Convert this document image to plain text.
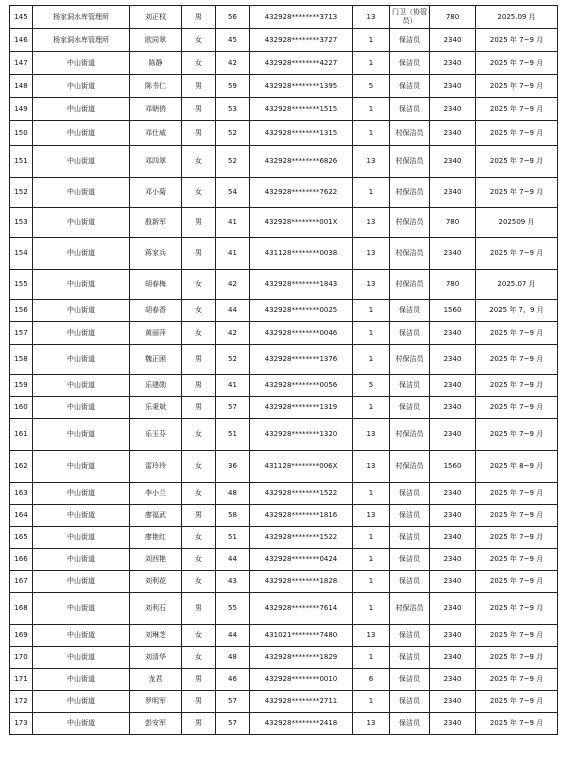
145	杨家洞水库管理所	刘正权	男	56	432928********3713	13	门卫（协管员）	780	2025.09 月
146	杨家洞水库管理所	欧同翠	女	45	432928********3727	1	保洁员	2340	2025 年 7~9 月
147	中山街道	陈静	女	42	432928********4227	1	保洁员	2340	2025 年 7~9 月
148	中山街道	陈书仁	男	59	432928********1395	5	保洁员	2340	2025 年 7~9 月
149	中山街道	邓朝俏	男	53	432928********1515	1	保洁员	2340	2025 年 7~9 月
150	中山街道	邓仕威	男	52	432928********1315	1	村保洁员	2340	2025 年 7~9 月
151	中山街道	邓四翠	女	52	432928********6826	13	村保洁员	2340	2025 年 7~9 月
152	中山街道	邓小菊	女	54	432928********7622	1	村保洁员	2340	2025 年 7~9 月
153	中山街道	殷新军	男	41	432928********001X	13	村保洁员	780	202509 月
154	中山街道	蒋家兵	男	41	431128********0038	13	村保洁员	2340	2025 年 7~9 月
155	中山街道	胡春梅	女	42	432928********1843	13	村保洁员	780	2025.07 月
156	中山街道	胡春香	女	44	432928********0025	1	保洁员	1560	2025 年 7、9 月
157	中山街道	黄丽萍	女	42	432928********0046	1	保洁员	2340	2025 年 7~9 月
158	中山街道	魏正困	男	52	432928********1376	1	村保洁员	2340	2025 年 7~9 月
159	中山街道	乐建勋	男	41	432928********0056	5	保洁员	2340	2025 年 7~9 月
160	中山街道	乐秉斌	男	57	432928********1319	1	保洁员	2340	2025 年 7~9 月
161	中山街道	乐玉芬	女	51	432928********1320	13	村保洁员	2340	2025 年 7~9 月
162	中山街道	雷玲玲	女	36	431128********006X	13	村保洁员	1560	2025 年 8~9 月
163	中山街道	李小兰	女	48	432928********1522	1	保洁员	2340	2025 年 7~9 月
164	中山街道	廖福武	男	58	432928********1816	13	保洁员	2340	2025 年 7~9 月
165	中山街道	廖艳红	女	51	432928********1522	1	保洁员	2340	2025 年 7~9 月
166	中山街道	刘西艳	女	44	432928********0424	1	保洁员	2340	2025 年 7~9 月
167	中山街道	刘利花	女	43	432928********1828	1	保洁员	2340	2025 年 7~9 月
168	中山街道	刘利石	男	55	432928********7614	1	村保洁员	2340	2025 年 7~9 月
169	中山街道	刘琳芝	女	44	431021********7480	13	保洁员	2340	2025 年 7~9 月
170	中山街道	刘清华	女	48	432928********1829	1	保洁员	2340	2025 年 7~9 月
171	中山街道	龙君	男	46	432928********0010	6	保洁员	2340	2025 年 7~9 月
172	中山街道	罗明军	男	57	432928********2711	1	保洁员	2340	2025 年 7~9 月
173	中山街道	彭安军	男	57	432928********2418	13	保洁员	2340	2025 年 7~9 月
